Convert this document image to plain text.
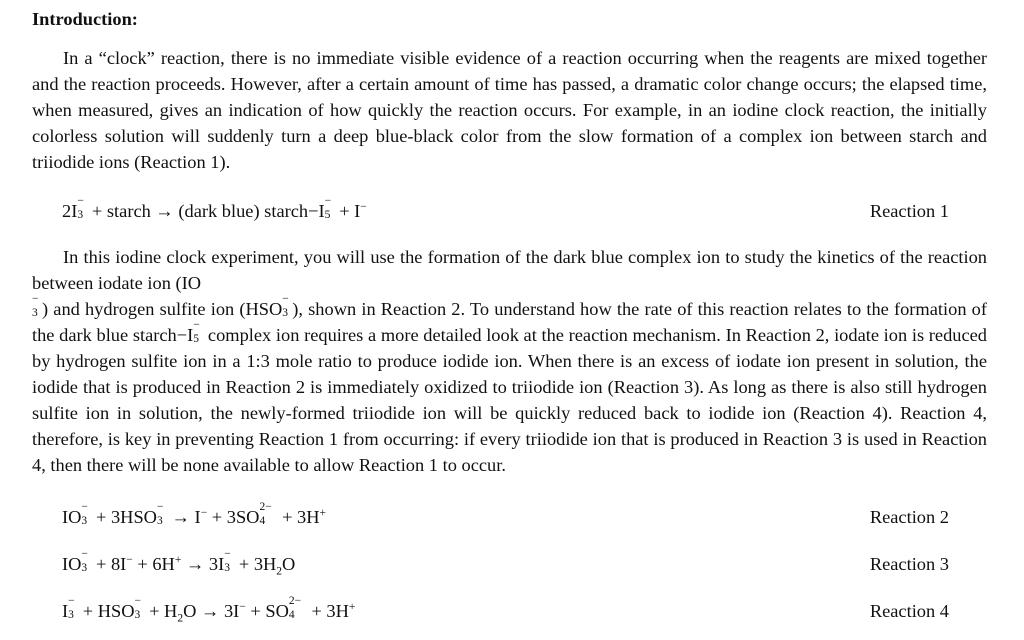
Introduction:

In a “clock” reaction, there is no immediate visible evidence of a reaction occurring when the reagents are mixed together and the reaction proceeds. However, after a certain amount of time has passed, a dramatic color change occurs; the elapsed time, when measured, gives an indication of how quickly the reaction occurs. For example, in an iodine clock reaction, the initially colorless solution will suddenly turn a deep blue-black color from the slow formation of a complex ion between starch and triiodide ions (Reaction 1).

2I −
3 + starch → (dark blue) starch−I −
5 + I−	Reaction 1

In this iodine clock experiment, you will use the formation of the dark blue complex ion to study the kinetics of the reaction between iodate ion (IO
−
3 ) and hydrogen sulfite ion (HSO −
3 ), shown in Reaction 2. To understand how the rate of this reaction relates to the formation of the dark blue starch−I −
5 complex ion requires a more detailed look at the reaction mechanism. In Reaction 2, iodate ion is reduced by hydrogen sulfite ion in a 1:3 mole ratio to produce iodide ion. When there is an excess of iodate ion present in solution, the iodide that is produced in Reaction 2 is immediately oxidized to triiodide ion (Reaction 3). As long as there is also still hydrogen sulfite ion in solution, the newly-formed triiodide ion will be quickly reduced back to iodide ion (Reaction 4). Reaction 4, therefore, is key in preventing Reaction 1 from occurring: if every triiodide ion that is produced in Reaction 3 is used in Reaction 4, then there will be none available to allow Reaction 1 to occur.

IO −
3 + 3HSO −
3 → I− + 3SO 2−
4 + 3H+	Reaction 2
IO −
3 + 8I− + 6H+ → 3I −
$3 + 3H_2O$	Reaction 3
I −
3 + HSO −
$3 + H_2O \to 3I^-$ + SO 2−
4 + 3H+	Reaction 4
